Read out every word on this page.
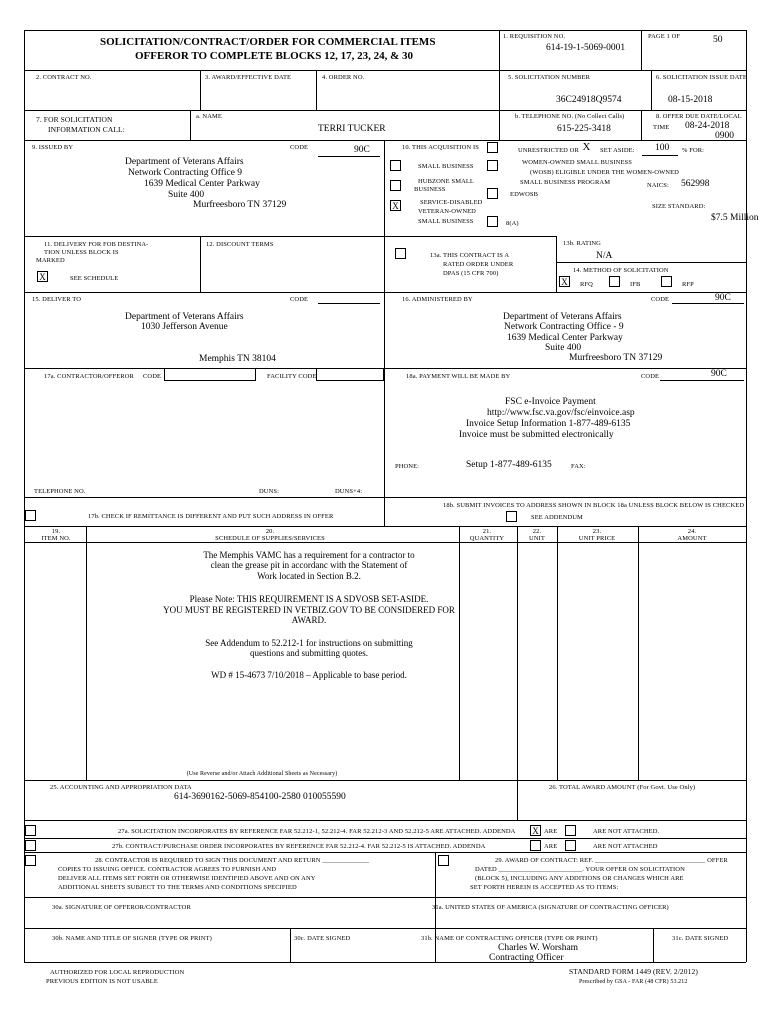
SOLICITATION/CONTRACT/ORDER FOR COMMERCIAL ITEMS
OFFEROR TO COMPLETE BLOCKS 12, 17, 23, 24, & 30
1. REQUISITION NO.
614-19-1-5069-0001
PAGE 1 OF	50
2. CONTRACT NO.	3. AWARD/EFFECTIVE DATE	4. ORDER NO.	5. SOLICITATION NUMBER
36C24918Q9574
6. SOLICITATION ISSUE DATE
08-15-2018
7. FOR SOLICITATION
INFORMATION CALL:
a. NAME
TERRI TUCKER
b. TELEPHONE NO. (No Collect Calls)
615-225-3418
8. OFFER DUE DATE/LOCAL
TIME 08-24-2018
0900
9. ISSUED BY	CODE	90C
Department of Veterans Affairs
Network Contracting Office 9
1639 Medical Center Parkway
Suite 400
Murfreesboro TN 37129
10. THIS ACQUISITION IS	UNRESTRICTED OR X SET ASIDE: 100 % FOR:
SMALL BUSINESS
WOMEN-OWNED SMALL BUSINESS
(WOSB) ELIGIBLE UNDER THE WOMEN-OWNED
SMALL BUSINESS PROGRAM
HUBZONE SMALL
BUSINESS
EDWOSB
NAICS: 562998
X	SERVICE-DISABLED
VETERAN-OWNED
SMALL BUSINESS	8(A)
SIZE STANDARD:
$7.5 Million
11. DELIVERY FOR FOB DESTINA-
TION UNLESS BLOCK IS
MARKED
X	SEE SCHEDULE
12. DISCOUNT TERMS
13a. THIS CONTRACT IS A
RATED ORDER UNDER
DPAS (15 CFR 700)
13b. RATING
N/A
14. METHOD OF SOLICITATION
X	RFQ	IFB	RFP
15. DELIVER TO	CODE
Department of Veterans Affairs
1030 Jefferson Avenue
Memphis TN 38104
16. ADMINISTERED BY	CODE	90C
Department of Veterans Affairs
Network Contracting Office - 9
1639 Medical Center Parkway
Suite 400
Murfreesboro TN 37129
17a. CONTRACTOR/OFFEROR CODE	FACILITY CODE
TELEPHONE NO.	DUNS:	DUNS+4:
17b. CHECK IF REMITTANCE IS DIFFERENT AND PUT SUCH ADDRESS IN OFFER
18a. PAYMENT WILL BE MADE BY	CODE	90C
FSC e-Invoice Payment
http://www.fsc.va.gov/fsc/einvoice.asp
Invoice Setup Information 1-877-489-6135
Invoice must be submitted electronically
PHONE:	Setup 1-877-489-6135	FAX:
18b. SUBMIT INVOICES TO ADDRESS SHOWN IN BLOCK 18a UNLESS BLOCK BELOW IS CHECKED
SEE ADDENDUM
19.
ITEM NO.
20.
SCHEDULE OF SUPPLIES/SERVICES
21.
QUANTITY
22.
UNIT
23.
UNIT PRICE
24.
AMOUNT
The Memphis VAMC has a requirement for a contractor to
clean the grease pit in accordanc with the Statement of
Work located in Section B.2.
Please Note: THIS REQUIREMENT IS A SDVOSB SET-ASIDE.
YOU MUST BE REGISTERED IN VETBIZ.GOV TO BE CONSIDERED FOR
AWARD.
See Addendum to 52.212-1 for instructions on submitting
questions and submitting quotes.
WD # 15-4673 7/10/2018 – Applicable to base period.
(Use Reverse and/or Attach Additional Sheets as Necessary)
25. ACCOUNTING AND APPROPRIATION DATA
614-3690162-5069-854100-2580 010055590
26. TOTAL AWARD AMOUNT (For Govt. Use Only)
27a. SOLICITATION INCORPORATES BY REFERENCE FAR 52.212-1, 52.212-4. FAR 52.212-3 AND 52.212-5 ARE ATTACHED. ADDENDA X ARE	ARE NOT ATTACHED.
27b. CONTRACT/PURCHASE ORDER INCORPORATES BY REFERENCE FAR 52.212-4. FAR 52.212-5 IS ATTACHED. ADDENDA	ARE	ARE NOT ATTACHED
28. CONTRACTOR IS REQUIRED TO SIGN THIS DOCUMENT AND RETURN ______________
COPIES TO ISSUING OFFICE. CONTRACTOR AGREES TO FURNISH AND
DELIVER ALL ITEMS SET FORTH OR OTHERWISE IDENTIFIED ABOVE AND ON ANY
ADDITIONAL SHEETS SUBJECT TO THE TERMS AND CONDITIONS SPECIFIED
29. AWARD OF CONTRACT: REF. _________________________________ OFFER
DATED _________________________. YOUR OFFER ON SOLICITATION
(BLOCK 5), INCLUDING ANY ADDITIONS OR CHANGES WHICH ARE
SET FORTH HEREIN IS ACCEPTED AS TO ITEMS:
30a. SIGNATURE OF OFFEROR/CONTRACTOR	31a. UNITED STATES OF AMERICA (SIGNATURE OF CONTRACTING OFFICER)
30b. NAME AND TITLE OF SIGNER (TYPE OR PRINT)	30c. DATE SIGNED	31b. NAME OF CONTRACTING OFFICER (TYPE OR PRINT)	31c. DATE SIGNED
Charles W. Worsham
Contracting Officer
AUTHORIZED FOR LOCAL REPRODUCTION
PREVIOUS EDITION IS NOT USABLE
STANDARD FORM 1449 (REV. 2/2012)
Prescribed by GSA - FAR (48 CFR) 53.212
